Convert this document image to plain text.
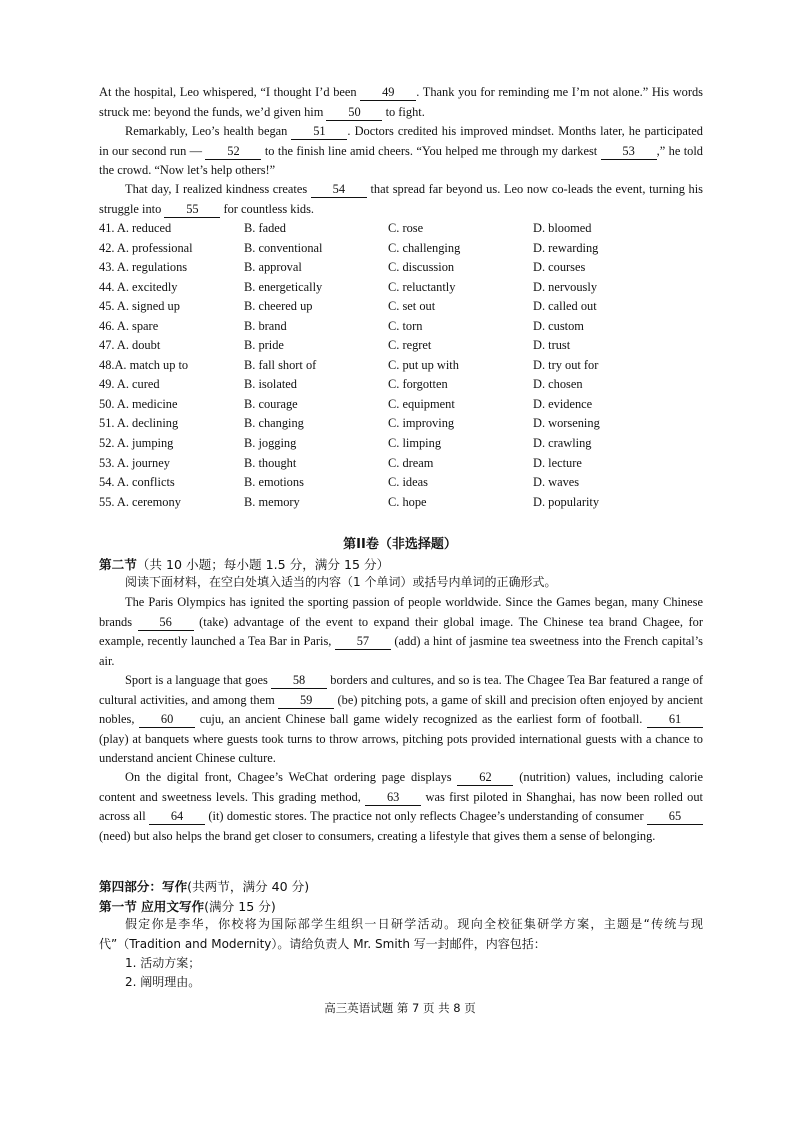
At the hospital, Leo whispered, “I thought I’d been 49 . Thank you for reminding me I’m not alone.” His words struck me: beyond the funds, we’d given him 50 to fight.

Remarkably, Leo’s health began 51 . Doctors credited his improved mindset. Months later, he participated in our second run — 52 to the finish line amid cheers. “You helped me through my darkest 53 ,” he told the crowd. “Now let’s help others!”

That day, I realized kindness creates 54 that spread far beyond us. Leo now co-leads the event, turning his struggle into 55 for countless kids.

41. A. reduced	B. faded	C. rose	D. bloomed
42. A. professional	B. conventional	C. challenging	D. rewarding
43. A. regulations	B. approval	C. discussion	D. courses
44. A. excitedly	B. energetically	C. reluctantly	D. nervously
45. A. signed up	B. cheered up	C. set out	D. called out
46. A. spare	B. brand	C. torn	D. custom
47. A. doubt	B. pride	C. regret	D. trust
48.A. match up to	B. fall short of	C. put up with	D. try out for
49. A. cured	B. isolated	C. forgotten	D. chosen
50. A. medicine	B. courage	C. equipment	D. evidence
51. A. declining	B. changing	C. improving	D. worsening
52. A. jumping	B. jogging	C. limping	D. crawling
53. A. journey	B. thought	C. dream	D. lecture
54. A. conflicts	B. emotions	C. ideas	D. waves
55. A. ceremony	B. memory	C. hope	D. popularity
第II卷（非选择题）
第二节（共 10 小题；每小题 1.5 分，满分 15 分）

阅读下面材料，在空白处填入适当的内容（1 个单词）或括号内单词的正确形式。

The Paris Olympics has ignited the sporting passion of people worldwide. Since the Games began, many Chinese brands 56 (take) advantage of the event to expand their global image. The Chinese tea brand Chagee, for example, recently launched a Tea Bar in Paris, 57 (add) a hint of jasmine tea sweetness into the French capital’s air.

Sport is a language that goes 58 borders and cultures, and so is tea. The Chagee Tea Bar featured a range of cultural activities, and among them 59 (be) pitching pots, a game of skill and precision often enjoyed by ancient nobles, 60 cuju, an ancient Chinese ball game widely recognized as the earliest form of football. 61 (play) at banquets where guests took turns to throw arrows, pitching pots provided international guests with a chance to understand ancient Chinese culture.

On the digital front, Chagee’s WeChat ordering page displays 62 (nutrition) values, including calorie content and sweetness levels. This grading method, 63 was first piloted in Shanghai, has now been rolled out across all 64 (it) domestic stores. The practice not only reflects Chagee’s understanding of consumer 65 (need) but also helps the brand get closer to consumers, creating a lifestyle that gives them a sense of belonging.

第四部分：写作(共两节，满分 40 分)
第一节 应用文写作(满分 15 分)

假定你是李华，你校将为国际部学生组织一日研学活动。现向全校征集研学方案，主题是“传统与现代”（Tradition and Modernity）。请给负责人 Mr. Smith 写一封邮件，内容包括：

1. 活动方案；

2. 阐明理由。

高三英语试题 第 7 页 共 8 页
